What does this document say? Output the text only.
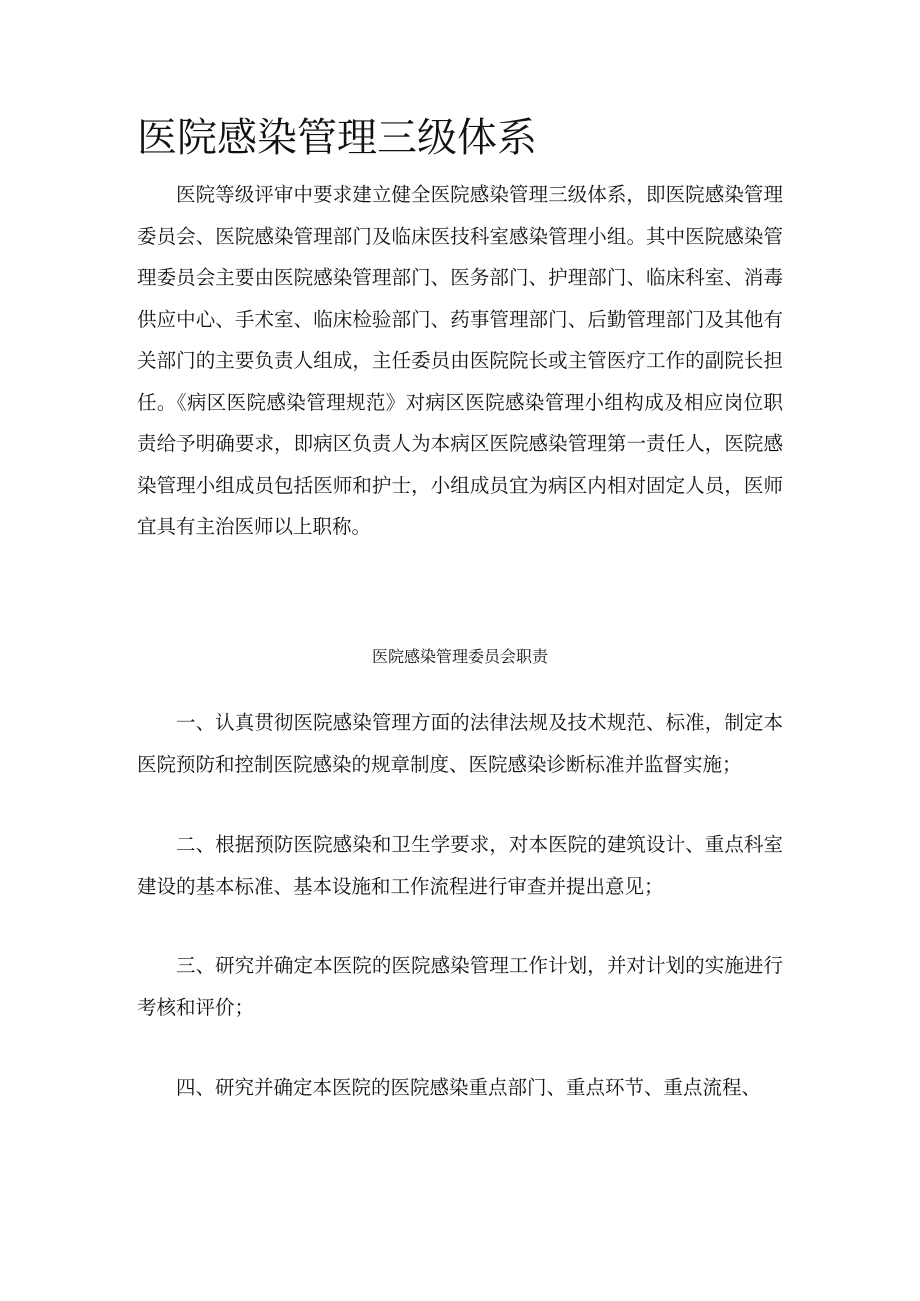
医院感染管理三级体系

医院等级评审中要求建立健全医院感染管理三级体系，即医院感染管理委员会、医院感染管理部门及临床医技科室感染管理小组。其中医院感染管理委员会主要由医院感染管理部门、医务部门、护理部门、临床科室、消毒供应中心、手术室、临床检验部门、药事管理部门、后勤管理部门及其他有关部门的主要负责人组成，主任委员由医院院长或主管医疗工作的副院长担任。《病区医院感染管理规范》对病区医院感染管理小组构成及相应岗位职责给予明确要求，即病区负责人为本病区医院感染管理第一责任人，医院感染管理小组成员包括医师和护士，小组成员宜为病区内相对固定人员，医师宜具有主治医师以上职称。

医院感染管理委员会职责

一、认真贯彻医院感染管理方面的法律法规及技术规范、标准，制定本医院预防和控制医院感染的规章制度、医院感染诊断标准并监督实施；

二、根据预防医院感染和卫生学要求，对本医院的建筑设计、重点科室建设的基本标准、基本设施和工作流程进行审查并提出意见；

三、研究并确定本医院的医院感染管理工作计划，并对计划的实施进行考核和评价；

四、研究并确定本医院的医院感染重点部门、重点环节、重点流程、
